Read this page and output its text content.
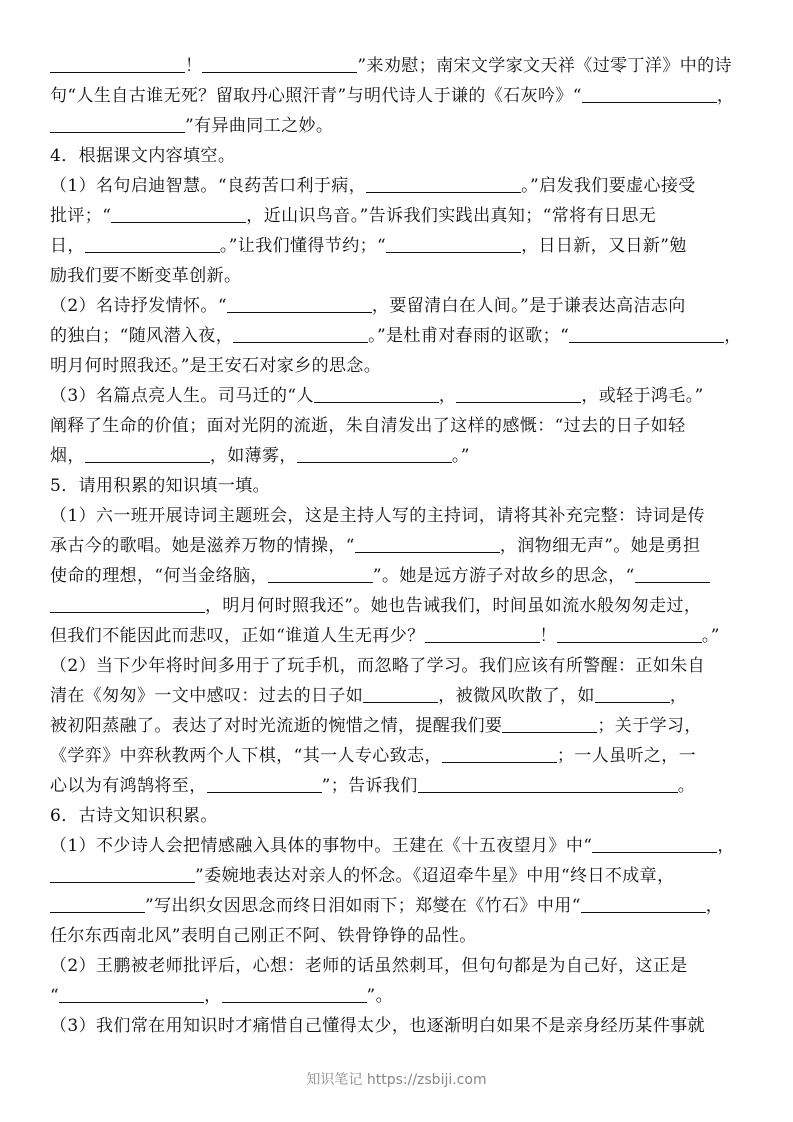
！	”来劝慰；南宋文学家文天祥《过零丁洋》中的诗
句“人生自古谁无死？留取丹心照汗青”与明代诗人于谦的《石灰吟》“	，
”有异曲同工之妙。
4．根据课文内容填空。
（1）名句启迪智慧。“良药苦口利于病，	。”启发我们要虚心接受
批评；“	，近山识鸟音。”告诉我们实践出真知；“常将有日思无
日，	。”让我们懂得节约；“	，日日新，又日新”勉
励我们要不断变革创新。
（2）名诗抒发情怀。“	，要留清白在人间。”是于谦表达高洁志向
的独白；“随风潜入夜，	。”是杜甫对春雨的讴歌；“	，
明月何时照我还。”是王安石对家乡的思念。
（3）名篇点亮人生。司马迁的“人	，	，或轻于鸿毛。”
阐释了生命的价值；面对光阴的流逝，朱自清发出了这样的感慨：“过去的日子如轻
烟，	，如薄雾，	。”
5．请用积累的知识填一填。
（1）六一班开展诗词主题班会，这是主持人写的主持词，请将其补充完整：诗词是传
承古今的歌唱。她是滋养万物的情操，“	，润物细无声”。她是勇担
使命的理想，“何当金络脑，	”。她是远方游子对故乡的思念，“
，明月何时照我还”。她也告诫我们，时间虽如流水般匆匆走过，
但我们不能因此而悲叹，正如“谁道人生无再少？	！	。”
（2）当下少年将时间多用于了玩手机，而忽略了学习。我们应该有所警醒：正如朱自
清在《匆匆》一文中感叹：过去的日子如	，被微风吹散了，如	，
被初阳蒸融了。表达了对时光流逝的惋惜之情，提醒我们要	；关于学习，
《学弈》中弈秋教两个人下棋，“其一人专心致志，	；一人虽听之，一
心以为有鸿鹄将至，	”；告诉我们	。
6．古诗文知识积累。
（1）不少诗人会把情感融入具体的事物中。王建在《十五夜望月》中“	，
”委婉地表达对亲人的怀念。《迢迢牵牛星》中用“终日不成章，
”写出织女因思念而终日泪如雨下；郑燮在《竹石》中用“	，
任尔东西南北风”表明自己刚正不阿、铁骨铮铮的品性。
（2）王鹏被老师批评后，心想：老师的话虽然刺耳，但句句都是为自己好，这正是
“	，	”。
（3）我们常在用知识时才痛惜自己懂得太少，也逐渐明白如果不是亲身经历某件事就
知识笔记 https://zsbiji.com
